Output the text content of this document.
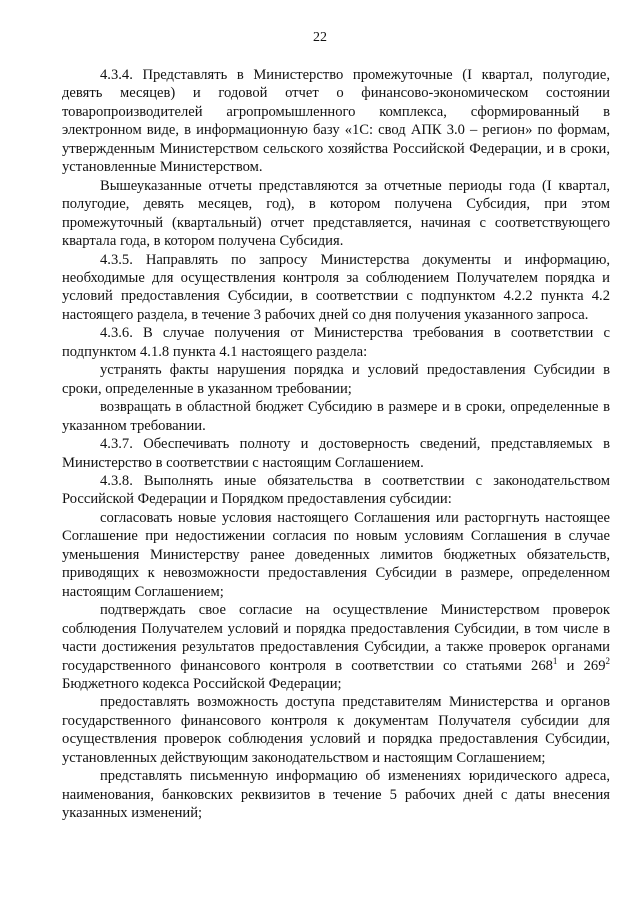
22

4.3.4. Представлять в Министерство промежуточные (I квартал, полугодие, девять месяцев) и годовой отчет о финансово-экономическом состоянии товаропроизводителей агропромышленного комплекса, сформированный в электронном виде, в информационную базу «1С: свод АПК 3.0 – регион» по формам, утвержденным Министерством сельского хозяйства Российской Федерации, и в сроки, установленные Министерством.

Вышеуказанные отчеты представляются за отчетные периоды года (I квартал, полугодие, девять месяцев, год), в котором получена Субсидия, при этом промежуточный (квартальный) отчет представляется, начиная с соответствующего квартала года, в котором получена Субсидия.

4.3.5. Направлять по запросу Министерства документы и информацию, необходимые для осуществления контроля за соблюдением Получателем порядка и условий предоставления Субсидии, в соответствии с подпунктом 4.2.2 пункта 4.2 настоящего раздела, в течение 3 рабочих дней со дня получения указанного запроса.

4.3.6. В случае получения от Министерства требования в соответствии с подпунктом 4.1.8 пункта 4.1 настоящего раздела:

устранять факты нарушения порядка и условий предоставления Субсидии в сроки, определенные в указанном требовании;

возвращать в областной бюджет Субсидию в размере и в сроки, определенные в указанном требовании.

4.3.7. Обеспечивать полноту и достоверность сведений, представляемых в Министерство в соответствии с настоящим Соглашением.

4.3.8. Выполнять иные обязательства в соответствии с законодательством Российской Федерации и Порядком предоставления субсидии:

согласовать новые условия настоящего Соглашения или расторгнуть настоящее Соглашение при недостижении согласия по новым условиям Соглашения в случае уменьшения Министерству ранее доведенных лимитов бюджетных обязательств, приводящих к невозможности предоставления Субсидии в размере, определенном настоящим Соглашением;

подтверждать свое согласие на осуществление Министерством проверок соблюдения Получателем условий и порядка предоставления Субсидии, в том числе в части достижения результатов предоставления Субсидии, а также проверок органами государственного финансового контроля в соответствии со статьями $268^1$ и $269^2$ Бюджетного кодекса Российской Федерации;

предоставлять возможность доступа представителям Министерства и органов государственного финансового контроля к документам Получателя субсидии для осуществления проверок соблюдения условий и порядка предоставления Субсидии, установленных действующим законодательством и настоящим Соглашением;

представлять письменную информацию об изменениях юридического адреса, наименования, банковских реквизитов в течение 5 рабочих дней с даты внесения указанных изменений;
